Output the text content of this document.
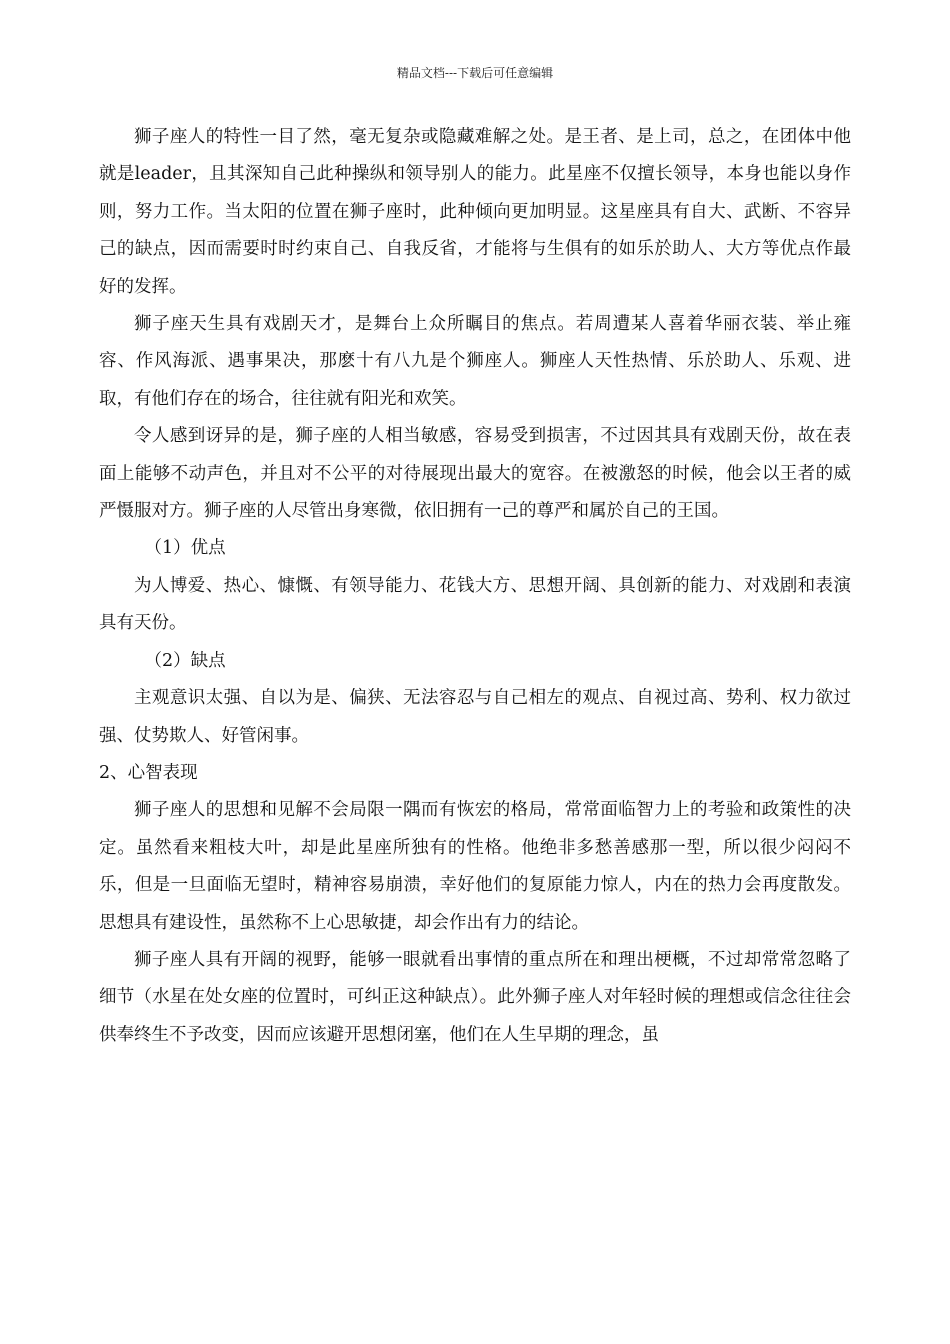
精品文档---下载后可任意编辑

狮子座人的特性一目了然，毫无复杂或隐藏难解之处。是王者、是上司，总之，在团体中他就是leader，且其深知自己此种操纵和领导别人的能力。此星座不仅擅长领导，本身也能以身作则，努力工作。当太阳的位置在狮子座时，此种倾向更加明显。这星座具有自大、武断、不容异己的缺点，因而需要时时约束自己、自我反省，才能将与生俱有的如乐於助人、大方等优点作最好的发挥。

狮子座天生具有戏剧天才，是舞台上众所瞩目的焦点。若周遭某人喜着华丽衣装、举止雍容、作风海派、遇事果决，那麽十有八九是个狮座人。狮座人天性热情、乐於助人、乐观、进取，有他们存在的场合，往往就有阳光和欢笑。

令人感到讶异的是，狮子座的人相当敏感，容易受到损害，不过因其具有戏剧天份，故在表面上能够不动声色，并且对不公平的对待展现出最大的宽容。在被激怒的时候，他会以王者的威严慑服对方。狮子座的人尽管出身寒微，依旧拥有一己的尊严和属於自己的王国。

（1）优点

为人博爱、热心、慷慨、有领导能力、花钱大方、思想开阔、具创新的能力、对戏剧和表演具有天份。

（2）缺点

主观意识太强、自以为是、偏狭、无法容忍与自己相左的观点、自视过高、势利、权力欲过强、仗势欺人、好管闲事。

2、心智表现

狮子座人的思想和见解不会局限一隅而有恢宏的格局，常常面临智力上的考验和政策性的决定。虽然看来粗枝大叶，却是此星座所独有的性格。他绝非多愁善感那一型，所以很少闷闷不乐，但是一旦面临无望时，精神容易崩溃，幸好他们的复原能力惊人，内在的热力会再度散发。思想具有建设性，虽然称不上心思敏捷，却会作出有力的结论。

狮子座人具有开阔的视野，能够一眼就看出事情的重点所在和理出梗概，不过却常常忽略了细节（水星在处女座的位置时，可纠正这种缺点）。此外狮子座人对年轻时候的理想或信念往往会供奉终生不予改变，因而应该避开思想闭塞，他们在人生早期的理念，虽
